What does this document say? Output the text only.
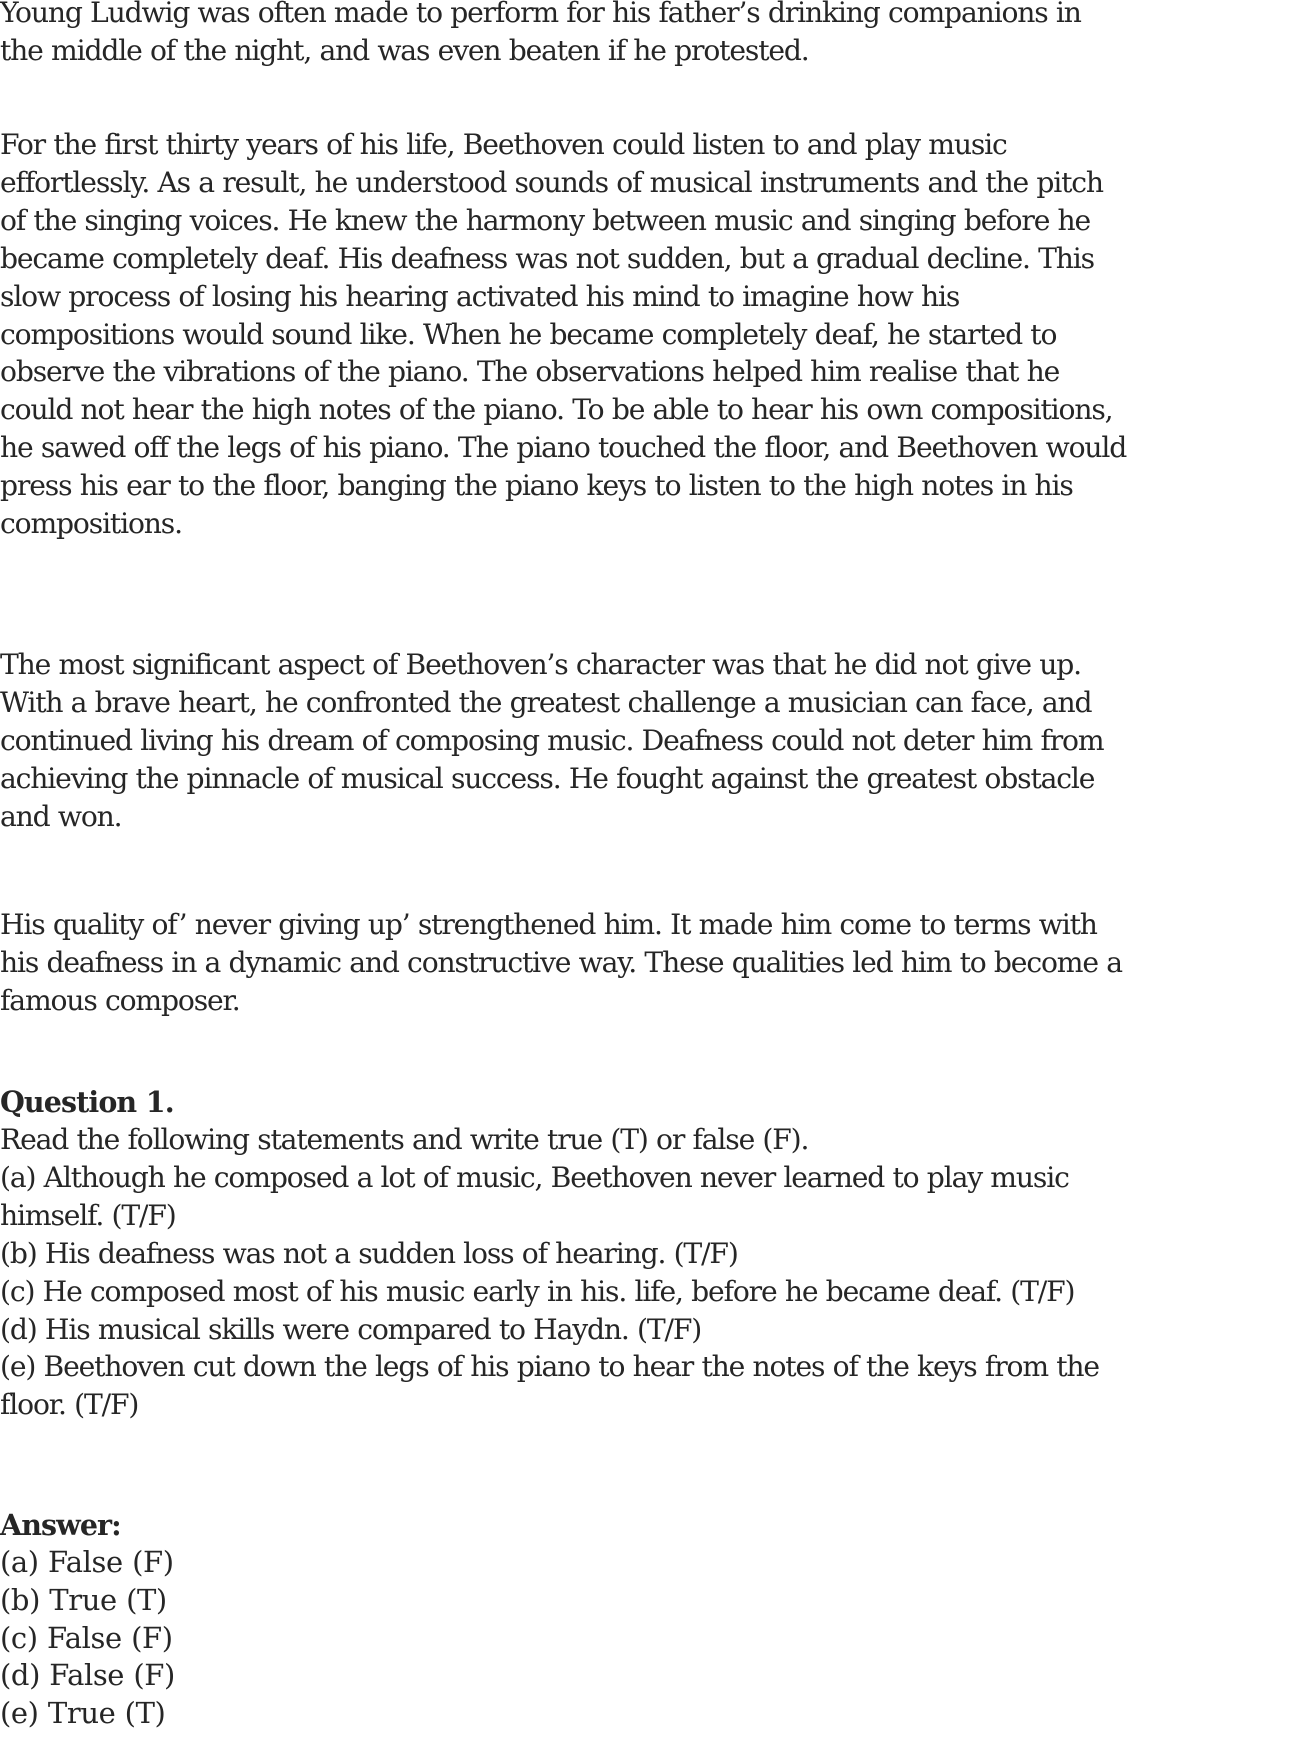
Young Ludwig was often made to perform for his father’s drinking companions in
the middle of the night, and was even beaten if he protested.
For the first thirty years of his life, Beethoven could listen to and play music
effortlessly. As a result, he understood sounds of musical instruments and the pitch
of the singing voices. He knew the harmony between music and singing before he
became completely deaf. His deafness was not sudden, but a gradual decline. This
slow process of losing his hearing activated his mind to imagine how his
compositions would sound like. When he became completely deaf, he started to
observe the vibrations of the piano. The observations helped him realise that he
could not hear the high notes of the piano. To be able to hear his own compositions,
he sawed off the legs of his piano. The piano touched the floor, and Beethoven would
press his ear to the floor, banging the piano keys to listen to the high notes in his
compositions.
The most significant aspect of Beethoven’s character was that he did not give up.
With a brave heart, he confronted the greatest challenge a musician can face, and
continued living his dream of composing music. Deafness could not deter him from
achieving the pinnacle of musical success. He fought against the greatest obstacle
and won.
His quality of’ never giving up’ strengthened him. It made him come to terms with
his deafness in a dynamic and constructive way. These qualities led him to become a
famous composer.
Question 1.
Read the following statements and write true (T) or false (F).
(a) Although he composed a lot of music, Beethoven never learned to play music
himself. (T/F)
(b) His deafness was not a sudden loss of hearing. (T/F)
(c) He composed most of his music early in his. life, before he became deaf. (T/F)
(d) His musical skills were compared to Haydn. (T/F)
(e) Beethoven cut down the legs of his piano to hear the notes of the keys from the
floor. (T/F)
Answer:
(a) False (F)
(b) True (T)
(c) False (F)
(d) False (F)
(e) True (T)
